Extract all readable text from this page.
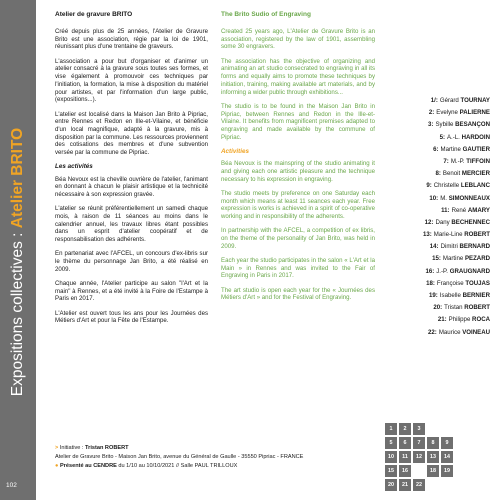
Expositions collectives : Atelier BRITO
102
Atelier de gravure BRITO

Créé depuis plus de 25 années, l'Atelier de Gravure Brito est une association, régie par la loi de 1901, réunissant plus d'une trentaine de graveurs.

L'association a pour but d'organiser et d'animer un atelier consacré à la gravure sous toutes ses formes, et vise également à promouvoir ces techniques par l'initiation, la formation, la mise à disposition du matériel pour artistes, et par l'information d'un large public, (expositions...).

L'atelier est localisé dans la Maison Jan Brito à Pipriac, entre Rennes et Redon en Ille-et-Vilaine, et bénéficie d'un local magnifique, adapté à la gravure, mis à disposition par la commune. Les ressources proviennent des cotisations des membres et d'une subvention versée par la commune de Pipriac.

Les activités

Béa Nevoux est la cheville ouvrière de l'atelier, l'animant en donnant à chacun le plaisir artistique et la technicité nécessaire à son expression gravée.

L'atelier se réunit préférentiellement un samedi chaque mois, à raison de 11 séances au moins dans le calendrier annuel, les travaux libres étant possibles dans un esprit d'atelier coopératif et de responsabilisation des adhérents.

En partenariat avec l'AFCEL, un concours d'ex-libris sur le thème du personnage Jan Brito, a été réalisé en 2009.

Chaque année, l'Atelier participe au salon "l'Art et la main" à Rennes, et a été invité à la Foire de l'Estampe à Paris en 2017.

L'Atelier est ouvert tous les ans pour les Journées des Métiers d'Art et pour la Fête de l'Estampe.

The Brito Sudio of Engraving

Created 25 years ago, L'Atelier de Gravure Brito is an association, registered by the law of 1901, assembling some 30 engravers.

The association has the objective of organizing and animating an art studio consecrated to engraving in all its forms and equally aims to promote these techniques by initiation, training, making available art materials, and by informing a wider public through exhibitions...

The studio is to be found in the Maison Jan Brito in Pipriac, between Rennes and Redon in the Ille-et-Vilaine. It benefits from magnificent premises adapted to engraving and made available by the commune of Pipriac.

Activities

Béa Nevoux is the mainspring of the studio animating it and giving each one artistic pleasure and the technique necessary to his expression in engraving.

The studio meets by preference on one Saturday each month which means at least 11 seances each year. Free expression is works is achieved in a spirit of co-operative working and in responsibility of the adherents.

In partnership with the AFCEL, a competition of ex libris, on the theme of the personality of Jan Brito, was held in 2009.

Each year the studio participates in the salon « L'Art et la Main » in Rennes and was invited to the Fair of Engraving in Paris in 2017.

The art studio is open each year for the « Journées des Métiers d'Art » and for the Festival of Engraving.

1/: Gérard TOURNAY
2: Evelyne PALIERNE
3: Sybille BESANÇON
5: A.-L. HARDOIN
6: Martine GAUTIER
7: M.-P. TIFFOIN
8: Benoit MERCIER
9: Christelle LEBLANC
10: M. SIMONNEAUX
11: René AMARY
12: Dany BECHENNEC
13: Marie-Line ROBERT
14: Dimitri BERNARD
15: Martine PEZARD
16: J.-P. GRAUGNARD
18: Françoise TOUJAS
19: Isabelle BERNIER
20: Tristan ROBERT
21: Philippe ROCA
22: Maurice VOINEAU
1	2	3
5	6	7	8	9
10	11	12	13	14
15	16	18	19
20	21	22
> Initiative : Tristan ROBERT
Atelier de Gravure Brito - Maison Jan Brito, avenue du Général de Gaulle - 35550 Pipriac - FRANCE
● Présenté au CENDRE du 1/10 au 10/10/2021 // Salle PAUL TRILLOUX
